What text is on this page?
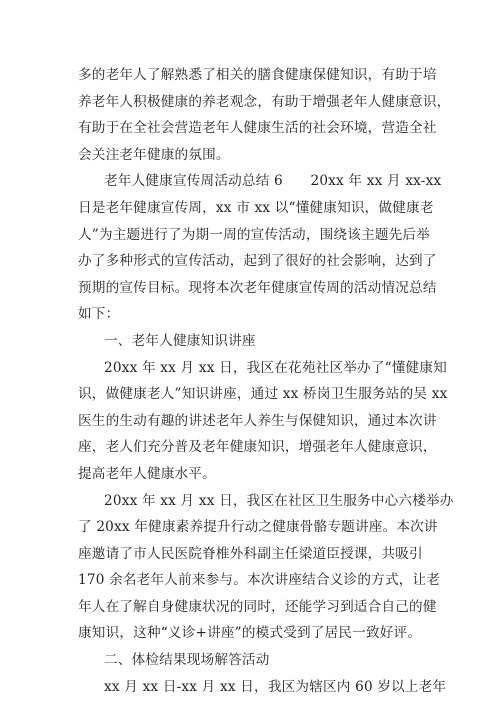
多的老年人了解熟悉了相关的膳食健康保健知识，有助于培
养老年人积极健康的养老观念，有助于增强老年人健康意识，
有助于在全社会营造老年人健康生活的社会环境，营造全社
会关注老年健康的氛围。
老年人健康宣传周活动总结 6　　20xx 年 xx 月 xx-xx
日是老年健康宣传周，xx 市 xx 以“懂健康知识，做健康老
人”为主题进行了为期一周的宣传活动，围绕该主题先后举
办了多种形式的宣传活动，起到了很好的社会影响，达到了
预期的宣传目标。现将本次老年健康宣传周的活动情况总结
如下：
一、老年人健康知识讲座
20xx 年 xx 月 xx 日，我区在花苑社区举办了“懂健康知
识，做健康老人”知识讲座，通过 xx 桥岗卫生服务站的吴 xx
医生的生动有趣的讲述老年人养生与保健知识，通过本次讲
座，老人们充分普及老年健康知识，增强老年人健康意识，
提高老年人健康水平。
20xx 年 xx 月 xx 日，我区在社区卫生服务中心六楼举办
了 20xx 年健康素养提升行动之健康骨骼专题讲座。本次讲
座邀请了市人民医院脊椎外科副主任梁道臣授课，共吸引
170 余名老年人前来参与。本次讲座结合义诊的方式，让老
年人在了解自身健康状况的同时，还能学习到适合自己的健
康知识，这种“义诊+讲座”的模式受到了居民一致好评。
二、体检结果现场解答活动
xx 月 xx 日-xx 月 xx 日，我区为辖区内 60 岁以上老年
